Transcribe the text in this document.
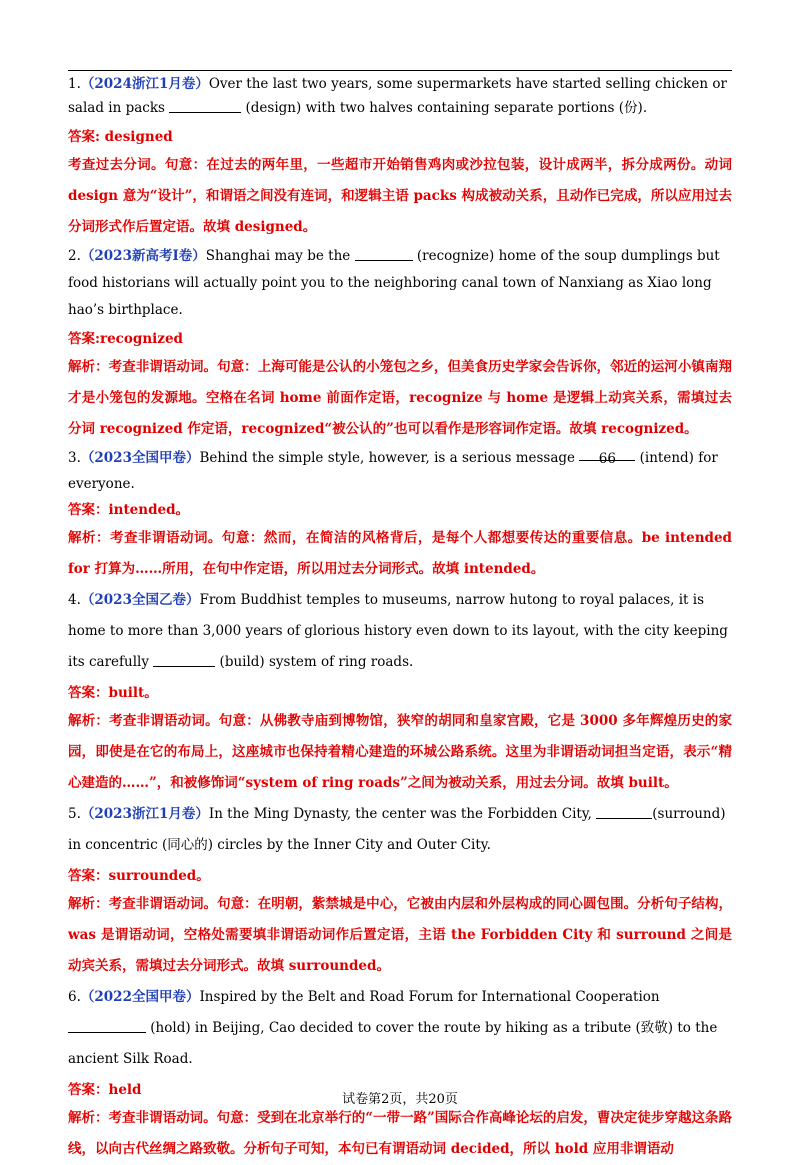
1.（2024浙江1月卷）Over the last two years, some supermarkets have started selling chicken or salad in packs	(design) with two halves containing separate portions (份).

答案: designed

考查过去分词。句意：在过去的两年里，一些超市开始销售鸡肉或沙拉包装，设计成两半，拆分成两份。动词 design 意为“设计”，和谓语之间没有连词，和逻辑主语 packs 构成被动关系，且动作已完成，所以应用过去分词形式作后置定语。故填 designed。

2.（2023新高考I卷）Shanghai may be the	(recognize) home of the soup dumplings but food historians will actually point you to the neighboring canal town of Nanxiang as Xiao long hao’s birthplace.

答案:recognized

解析：考查非谓语动词。句意：上海可能是公认的小笼包之乡，但美食历史学家会告诉你，邻近的运河小镇南翔才是小笼包的发源地。空格在名词 home 前面作定语，recognize 与 home 是逻辑上动宾关系，需填过去分词 recognized 作定语，recognized“被公认的”也可以看作是形容词作定语。故填 recognized。

3.（2023全国甲卷）Behind the simple style, however, is a serious message 66 (intend) for everyone.

答案：intended。

解析：考查非谓语动词。句意：然而，在简洁的风格背后，是每个人都想要传达的重要信息。be intended for 打算为……所用，在句中作定语，所以用过去分词形式。故填 intended。

4.（2023全国乙卷）From Buddhist temples to museums, narrow hutong to royal palaces, it is home to more than 3,000 years of glorious history even down to its layout, with the city keeping its carefully	(build) system of ring roads.

答案：built。

解析：考查非谓语动词。句意：从佛教寺庙到博物馆，狭窄的胡同和皇家宫殿，它是 3000 多年辉煌历史的家园，即使是在它的布局上，这座城市也保持着精心建造的环城公路系统。这里为非谓语动词担当定语，表示“精心建造的……”，和被修饰词“system of ring roads”之间为被动关系，用过去分词。故填 built。

5.（2023浙江1月卷）In the Ming Dynasty, the center was the Forbidden City,	(surround) in concentric (同心的) circles by the Inner City and Outer City.

答案：surrounded。

解析：考查非谓语动词。句意：在明朝，紫禁城是中心，它被由内层和外层构成的同心圆包围。分析句子结构，was 是谓语动词，空格处需要填非谓语动词作后置定语，主语 the Forbidden City 和 surround 之间是动宾关系，需填过去分词形式。故填 surrounded。

6.（2022全国甲卷）Inspired by the Belt and Road Forum for International Cooperation  (hold) in Beijing, Cao decided to cover the route by hiking as a tribute (致敬) to the ancient Silk Road.

答案：held

解析：考查非谓语动词。句意：受到在北京举行的“一带一路”国际合作高峰论坛的启发，曹决定徒步穿越这条路线，以向古代丝绸之路致敬。分析句子可知，本句已有谓语动词 decided，所以 hold 应用非谓语动

试卷第2页，共20页
